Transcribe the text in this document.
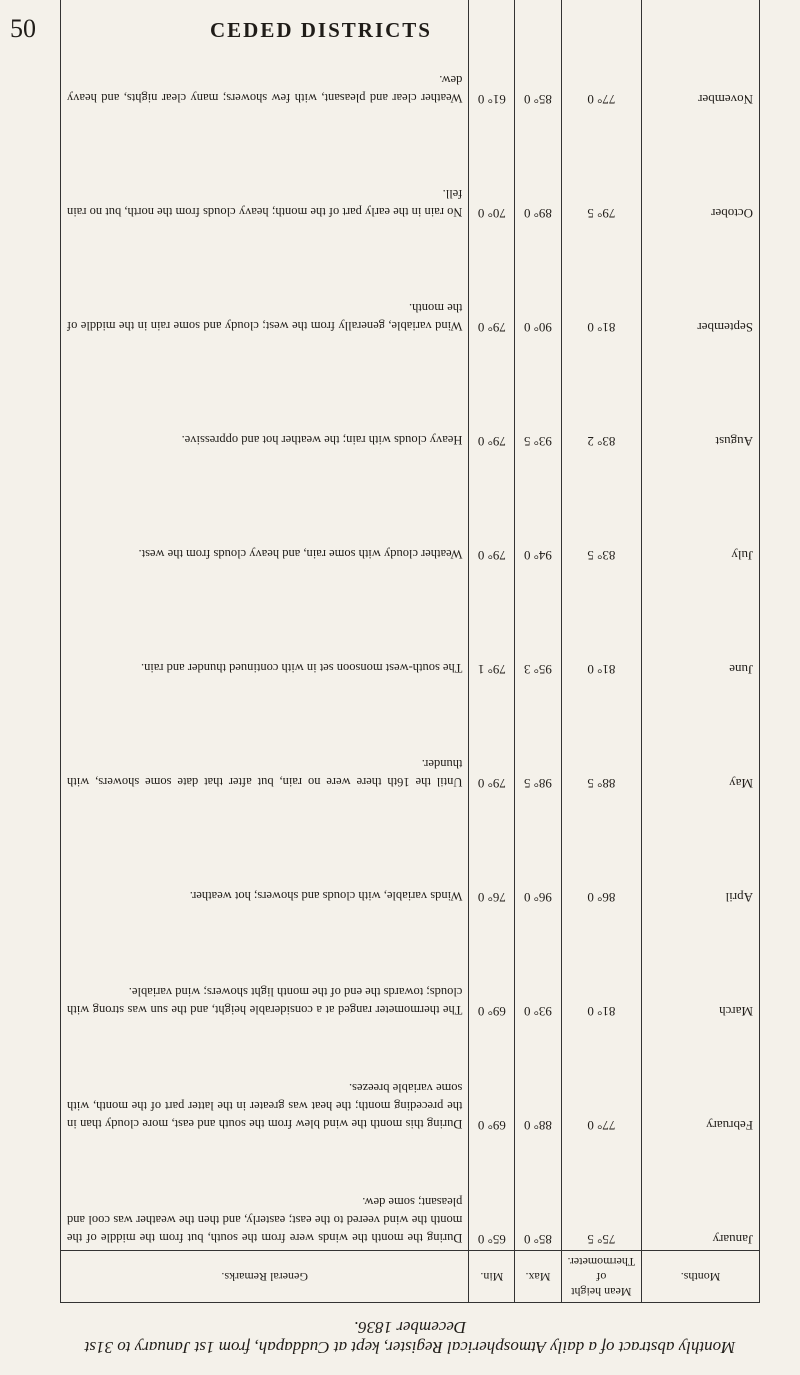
50	CEDED DISTRICTS
Monthly abstract of a daily Atmospherical Register, kept at Cuddapah, from 1st January to 31st December 1836.
Months.	Mean height of Thermometer.	Max.	Min.	General Remarks.
January	75° 5	85° 0	65° 0	During the month the winds were from the south, but from the middle of the month the wind veered to the east; easterly, and then the weather was cool and pleasant; some dew.
February	77° 0	88° 0	69° 0	During this month the wind blew from the south and east, more cloudy than in the preceding month; the heat was greater in the latter part of the month, with some variable breezes.
March	81° 0	93° 0	69° 0	The thermometer ranged at a considerable height, and the sun was strong with clouds; towards the end of the month light showers; wind variable.
April	86° 0	96° 0	76° 0	Winds variable, with clouds and showers; hot weather.
May	88° 5	98° 5	79° 0	Until the 16th there were no rain, but after that date some showers, with thunder.
June	81° 0	95° 3	79° 1	The south-west monsoon set in with continued thunder and rain.
July	83° 5	94° 0	79° 0	Weather cloudy with some rain, and heavy clouds from the west.
August	83° 2	93° 5	79° 0	Heavy clouds with rain; the weather hot and oppressive.
September	81° 0	90° 0	79° 0	Wind variable, generally from the west; cloudy and some rain in the middle of the month.
October	79° 5	89° 0	70° 0	No rain in the early part of the month; heavy clouds from the north, but no rain fell.
November	77° 0	85° 0	61° 0	Weather clear and pleasant, with few showers; many clear nights, and heavy dew.
